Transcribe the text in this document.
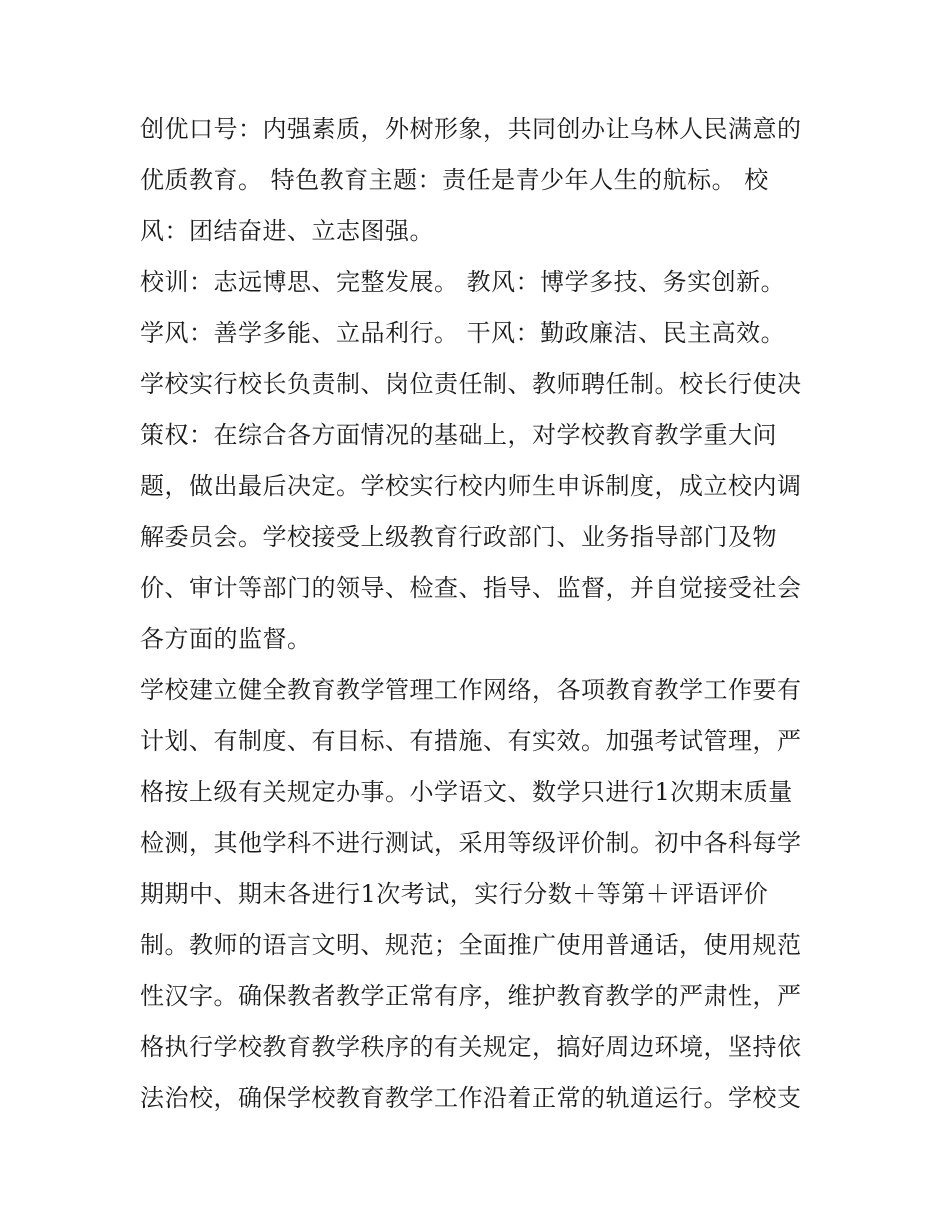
创优口号：内强素质，外树形象，共同创办让乌林人民满意的
优质教育。 特色教育主题：责任是青少年人生的航标。 校
风：团结奋进、立志图强。
校训：志远博思、完整发展。 教风：博学多技、务实创新。
学风：善学多能、立品利行。 干风：勤政廉洁、民主高效。
学校实行校长负责制、岗位责任制、教师聘任制。校长行使决
策权：在综合各方面情况的基础上，对学校教育教学重大问
题，做出最后决定。学校实行校内师生申诉制度，成立校内调
解委员会。学校接受上级教育行政部门、业务指导部门及物
价、审计等部门的领导、检查、指导、监督，并自觉接受社会
各方面的监督。
学校建立健全教育教学管理工作网络，各项教育教学工作要有
计划、有制度、有目标、有措施、有实效。加强考试管理，严
格按上级有关规定办事。小学语文、数学只进行1次期末质量
检测，其他学科不进行测试，采用等级评价制。初中各科每学
期期中、期末各进行1次考试，实行分数＋等第＋评语评价
制。教师的语言文明、规范；全面推广使用普通话，使用规范
性汉字。确保教者教学正常有序，维护教育教学的严肃性，严
格执行学校教育教学秩序的有关规定，搞好周边环境，坚持依
法治校，确保学校教育教学工作沿着正常的轨道运行。学校支
